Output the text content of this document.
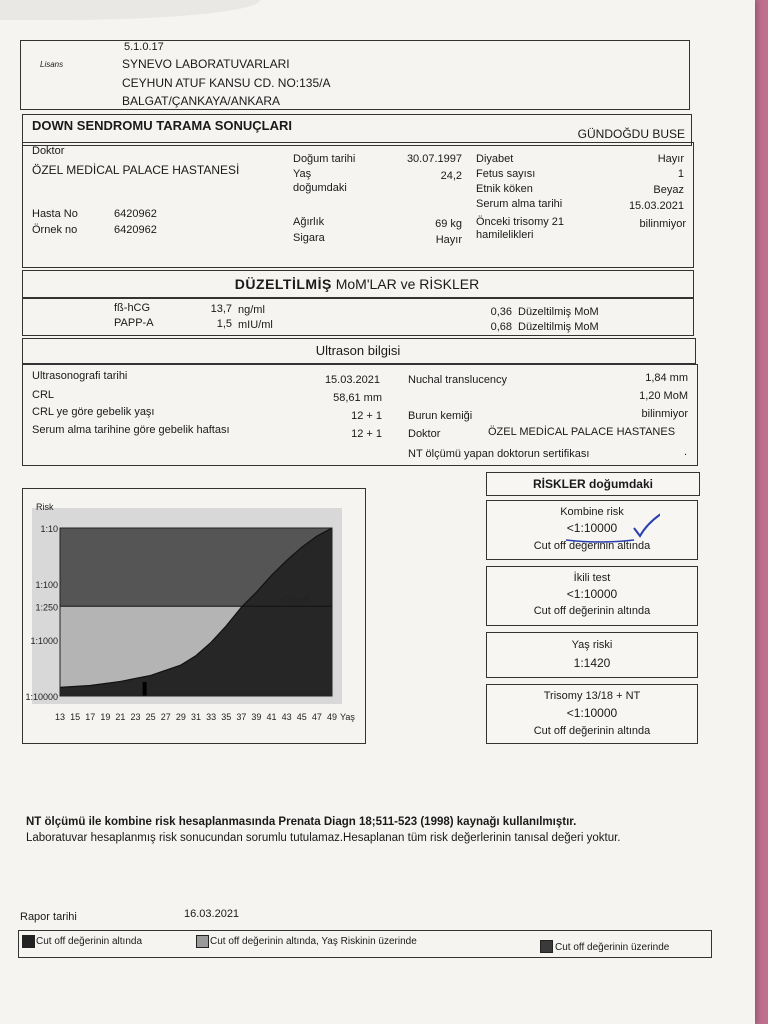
5.1.0.17
Lisans	SYNEVO LABORATUVARLARI
CEYHUN ATUF KANSU CD. NO:135/A
BALGAT/ÇANKAYA/ANKARA
DOWN SENDROMU TARAMA SONUÇLARI
GÜNDOĞDU BUSE
Doktor
ÖZEL MEDİCAL PALACE HASTANESİ
Doğum tarihi	30.07.1997
Yaş	24,2
doğumdaki
Hasta No	6420962
Örnek no	6420962
Ağırlık	69 kg
Sigara	Hayır
Diyabet	Hayır
Fetus sayısı	1
Etnik köken	Beyaz
Serum alma tarihi	15.03.2021
Önceki trisomy 21
hamilelikleri
bilinmiyor
DÜZELTİLMİŞ MoM'LAR ve RİSKLER
fß-hCG	13,7 ng/ml	0,36 Düzeltilmiş MoM
PAPP-A	1,5 mIU/ml	0,68 Düzeltilmiş MoM
Ultrason bilgisi
Ultrasonografi tarihi	15.03.2021
CRL	58,61 mm
CRL ye göre gebelik yaşı	12 + 1
Serum alma tarihine göre gebelik haftası	12 + 1
Nuchal translucency	1,84 mm
1,20 MoM
Burun kemiği	bilinmiyor
Doktor	ÖZEL MEDİCAL PALACE HASTANES
NT ölçümü yapan doktorun sertifikası	.
Cut-off
Risk
1:10
1:100
1:250
1:1000
1:10000
13 15 17 19 21 23 25 27 29 31 33 35 37 39 41 43 45 47 49 Yaş
RİSKLER doğumdaki
Kombine risk
<1:10000
Cut off değerinin altında
İkili test
<1:10000
Cut off değerinin altında
Yaş riski
1:1420
Trisomy 13/18 + NT
<1:10000
Cut off değerinin altında
NT ölçümü ile kombine risk hesaplanmasında Prenata Diagn 18;511-523 (1998) kaynağı kullanılmıştır.
Laboratuvar hesaplanmış risk sonucundan sorumlu tutulamaz.Hesaplanan tüm risk değerlerinin tanısal değeri yoktur.
Rapor tarihi	16.03.2021
Cut off değerinin altında	Cut off değerinin altında, Yaş Riskinin üzerinde
Cut off değerinin üzerinde
